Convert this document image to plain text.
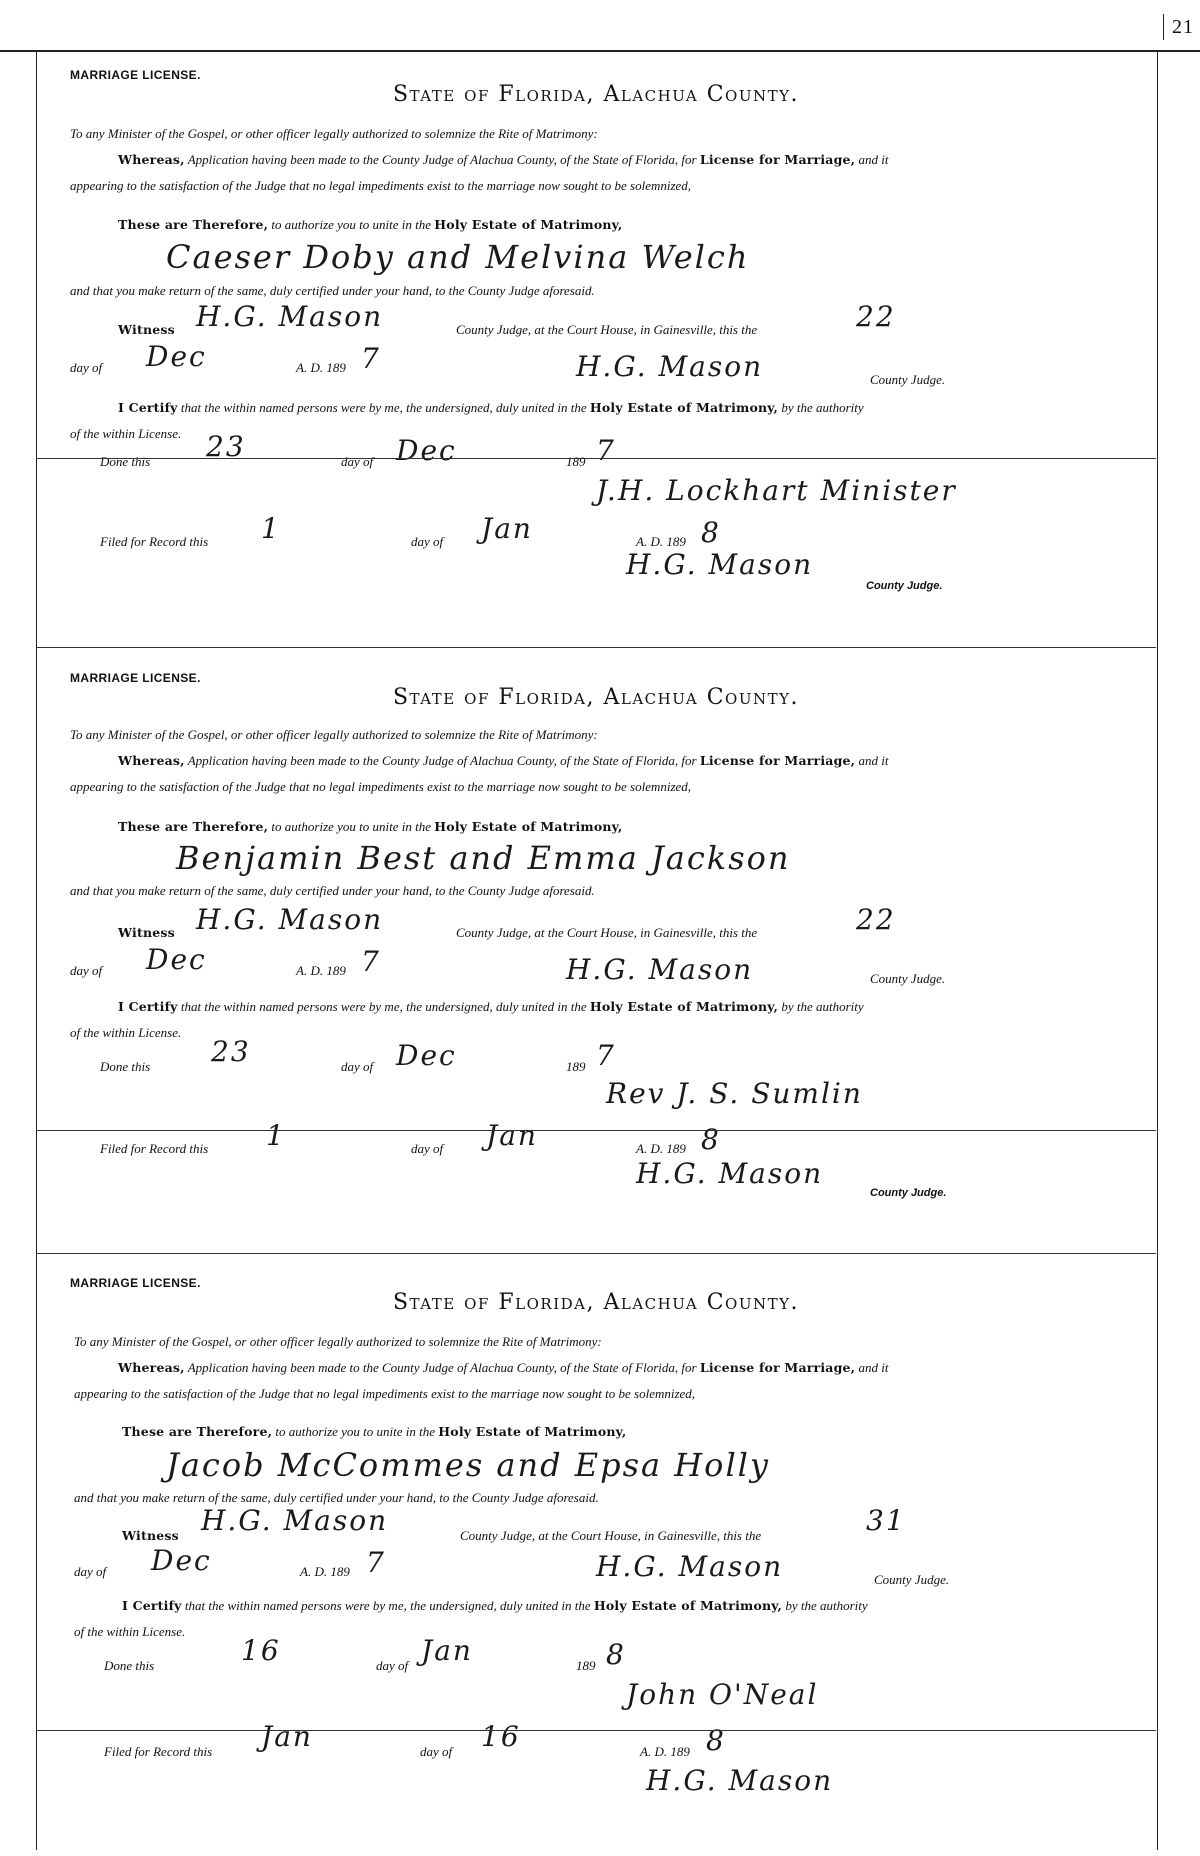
21
MARRIAGE LICENSE.
State of Florida, Alachua County.
To any Minister of the Gospel, or other officer legally authorized to solemnize the Rite of Matrimony:
Whereas, Application having been made to the County Judge of Alachua County, of the State of Florida, for License for Marriage, and it
appearing to the satisfaction of the Judge that no legal impediments exist to the marriage now sought to be solemnized,
These are Therefore, to authorize you to unite in the Holy Estate of Matrimony,
Caeser Doby and Melvina Welch
and that you make return of the same, duly certified under your hand, to the County Judge aforesaid.
Witness H.G. Mason	County Judge, at the Court House, in Gainesville, this the	22
day of Dec	A. D. 189 7	H.G. Mason	County Judge.
I Certify that the within named persons were by me, the undersigned, duly united in the Holy Estate of Matrimony, by the authority
of the within License.
Done this 23	day of Dec	189 7
J.H. Lockhart Minister
Filed for Record this 1	day of Jan	A. D. 189 8
H.G. Mason
County Judge.
MARRIAGE LICENSE.
State of Florida, Alachua County.
To any Minister of the Gospel, or other officer legally authorized to solemnize the Rite of Matrimony:
Whereas, Application having been made to the County Judge of Alachua County, of the State of Florida, for License for Marriage, and it
appearing to the satisfaction of the Judge that no legal impediments exist to the marriage now sought to be solemnized,
These are Therefore, to authorize you to unite in the Holy Estate of Matrimony,
Benjamin Best and Emma Jackson
and that you make return of the same, duly certified under your hand, to the County Judge aforesaid.
Witness H.G. Mason	County Judge, at the Court House, in Gainesville, this the	22
day of Dec	A. D. 189 7	H.G. Mason	County Judge.
I Certify that the within named persons were by me, the undersigned, duly united in the Holy Estate of Matrimony, by the authority
of the within License.
Done this 23	day of Dec	189 7
Rev J. S. Sumlin
Filed for Record this 1	day of Jan	A. D. 189 8
H.G. Mason
County Judge.
MARRIAGE LICENSE.
State of Florida, Alachua County.
To any Minister of the Gospel, or other officer legally authorized to solemnize the Rite of Matrimony:
Whereas, Application having been made to the County Judge of Alachua County, of the State of Florida, for License for Marriage, and it
appearing to the satisfaction of the Judge that no legal impediments exist to the marriage now sought to be solemnized,
These are Therefore, to authorize you to unite in the Holy Estate of Matrimony,
Jacob McCommes and Epsa Holly
and that you make return of the same, duly certified under your hand, to the County Judge aforesaid.
Witness H.G. Mason	County Judge, at the Court House, in Gainesville, this the	31
day of Dec	A. D. 189 7	H.G. Mason	County Judge.
I Certify that the within named persons were by me, the undersigned, duly united in the Holy Estate of Matrimony, by the authority
of the within License.
Done this	16	day of Jan	189 8
John O'Neal
Filed for Record this Jan	day of 16	A. D. 189 8
H.G. Mason
